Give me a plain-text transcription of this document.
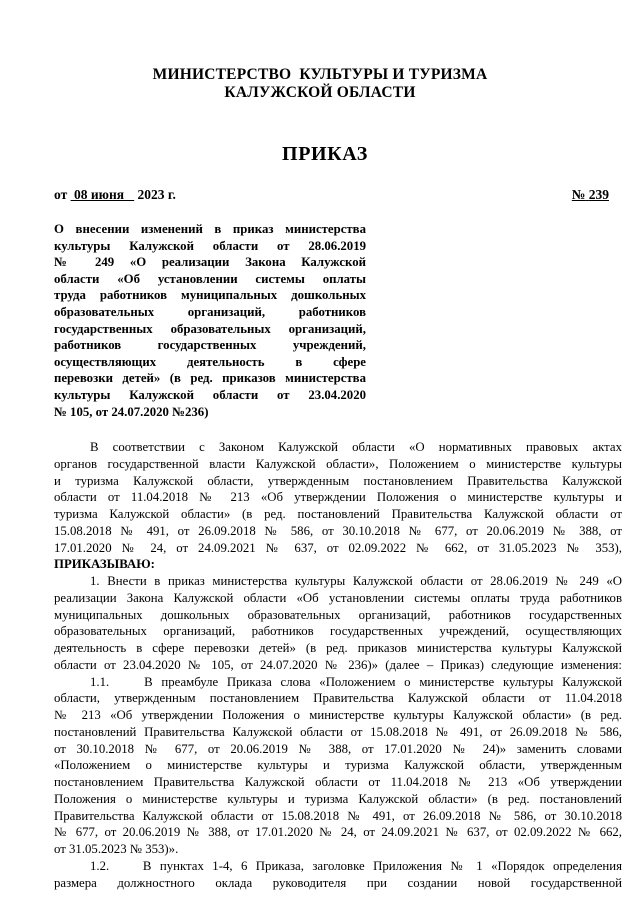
МИНИСТЕРСТВО  КУЛЬТУРЫ И ТУРИЗМА
КАЛУЖСКОЙ ОБЛАСТИ
ПРИКАЗ
от 08 июня 2023 г.	№ 239
О внесении изменений в приказ министерства
культуры Калужской области от 28.06.2019
№ 249 «О реализации Закона Калужской
области «Об установлении системы оплаты
труда работников муниципальных дошкольных
образовательных организаций, работников
государственных образовательных организаций,
работников государственных учреждений,
осуществляющих деятельность в сфере
перевозки детей» (в ред. приказов министерства
культуры Калужской области от 23.04.2020
№ 105, от 24.07.2020 №236)
В соответствии с Законом Калужской области «О нормативных правовых актах
органов государственной власти Калужской области», Положением о министерстве культуры
и туризма Калужской области, утвержденным постановлением Правительства Калужской
области от 11.04.2018 № 213 «Об утверждении Положения о министерстве культуры и
туризма Калужской области» (в ред. постановлений Правительства Калужской области от
15.08.2018 № 491, от 26.09.2018 № 586, от 30.10.2018 № 677, от 20.06.2019 № 388, от
17.01.2020 № 24, от 24.09.2021 № 637, от 02.09.2022 № 662, от 31.05.2023 № 353),
ПРИКАЗЫВАЮ:
1. Внести в приказ министерства культуры Калужской области от 28.06.2019 № 249 «О
реализации Закона Калужской области «Об установлении системы оплаты труда работников
муниципальных дошкольных образовательных организаций, работников государственных
образовательных организаций, работников государственных учреждений, осуществляющих
деятельность в сфере перевозки детей» (в ред. приказов министерства культуры Калужской
области от 23.04.2020 № 105, от 24.07.2020 № 236)» (далее – Приказ) следующие изменения:
1.1.    В преамбуле Приказа слова «Положением о министерстве культуры Калужской
области, утвержденным постановлением Правительства Калужской области от 11.04.2018
№ 213 «Об утверждении Положения о министерстве культуры Калужской области» (в ред.
постановлений Правительства Калужской области от 15.08.2018 № 491, от 26.09.2018 № 586,
от 30.10.2018 № 677, от 20.06.2019 № 388, от 17.01.2020 № 24)» заменить словами
«Положением о министерстве культуры и туризма Калужской области, утвержденным
постановлением Правительства Калужской области от 11.04.2018 № 213 «Об утверждении
Положения о министерстве культуры и туризма Калужской области» (в ред. постановлений
Правительства Калужской области от 15.08.2018 № 491, от 26.09.2018 № 586, от 30.10.2018
№ 677, от 20.06.2019 № 388, от 17.01.2020 № 24, от 24.09.2021 № 637, от 02.09.2022 № 662,
от 31.05.2023 № 353)».
1.2.    В пунктах 1-4, 6 Приказа, заголовке Приложения № 1 «Порядок определения
размера должностного оклада руководителя при создании новой государственной
